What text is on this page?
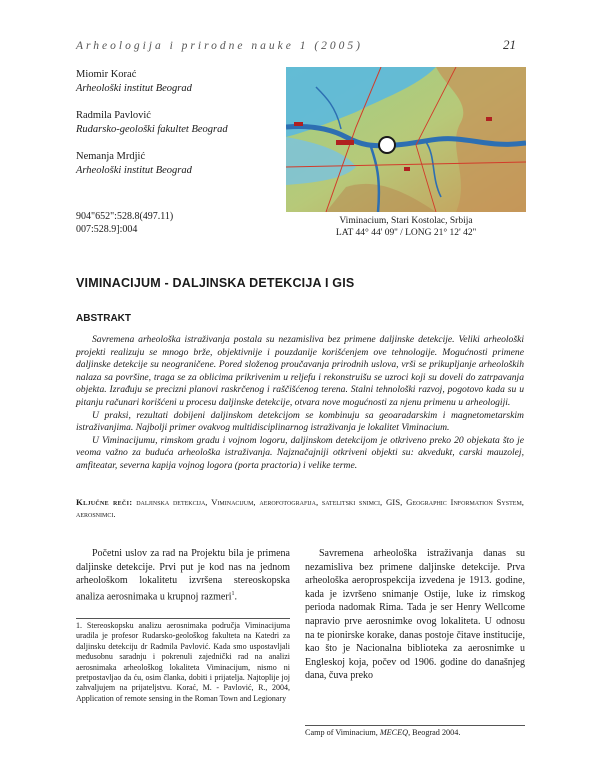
Arheologija i prirodne nauke 1 (2005)	21
Miomir Korać
Arheološki institut Beograd
Radmila Pavlović
Rudarsko-geološki fakultet Beograd
Nemanja Mrdjić
Arheološki institut Beograd
Viminacium, Stari Kostolac, Srbija
LAT 44° 44' 09'' / LONG 21° 12' 42''
904"652":528.8(497.11)
007:528.9]:004
VIMINACIJUM - DALJINSKA DETEKCIJA I GIS
ABSTRAKT

Savremena arheološka istraživanja postala su nezamisliva bez primene daljinske detekcije. Veliki arheološki projekti realizuju se mnogo brže, objektivnije i pouzdanije korišćenjem ove tehnologije. Mogućnosti primene daljinske detekcije su neograničene. Pored složenog proučavanja prirodnih uslova, vrši se prikupljanje arheoloških nalaza sa površine, traga se za oblicima prikrivenim u reljefu i rekonstruišu se uzroci koji su doveli do zatrpavanja objekta. Izrađuju se precizni planovi raskrčenog i raščišćenog terena. Stalni tehnološki razvoj, pogotovo kada su u pitanju računari korišćeni u procesu daljinske detekcije, otvara nove mogućnosti za njenu primenu u arheologiji.

U praksi, rezultati dobijeni daljinskom detekcijom se kombinuju sa geoaradarskim i magnetometarskim istraživanjima. Najbolji primer ovakvog multidisciplinarnog istraživanja je lokalitet Viminacium.

U Viminacijumu, rimskom gradu i vojnom logoru, daljinskom detekcijom je otkriveno preko 20 objekata što je veoma važno za buduća arheološka istraživanja. Najznačajniji otkriveni objekti su: akvedukt, carski mauzolej, amfiteatar, severna kapija vojnog logora (porta practoria) i velike terme.

Ključne reči: daljinska detekcija, Viminacijum, aerofotografija, satelitski snimci, GIS, Geographic Information System, aerosnimci.

Početni uslov za rad na Projektu bila je primena daljinske detekcije. Prvi put je kod nas na jednom arheološkom lokalitetu izvršena stereoskopska analiza aerosnimaka u krupnoj razmeri$^1$.

1. Stereoskopsku analizu aerosnimaka područja Viminacijuma uradila je profesor Rudarsko-geološkog fakulteta na Katedri za daljinsku detekciju dr Radmila Pavlović. Kada smo uspostavljali međusobnu saradnju i pokrenuli zajedničkі rad na analizi aerosnimaka arheološkog lokaliteta Viminacijum, nismo ni pretpostavljao da ću, osim članka, dobiti i prijatelja. Najtoplije joj zahvaljujem na prijateljstvu. Korać, M. - Pavlović, R., 2004, Application of remote sensing in the Roman Town and Legionary

Savremena arheološka istraživanja danas su nezamisliva bez primene daljinske detekcije. Prva arheološka aeroprospekcija izvedena je 1913. godine, kada je izvršeno snimanje Ostije, luke iz rimskog perioda nadomak Rima. Tada je ser Henry Wellcome napravio prve aerosnimke ovog lokaliteta. U odnosu na te pionirske korake, danas postoje čitave institucije, kao što je Nacionalna biblioteka za aerosnimke u Engleskoj koja, počev od 1906. godine do današnjeg dana, čuva preko

Camp of Viminacium, MECEQ, Beograd 2004.
